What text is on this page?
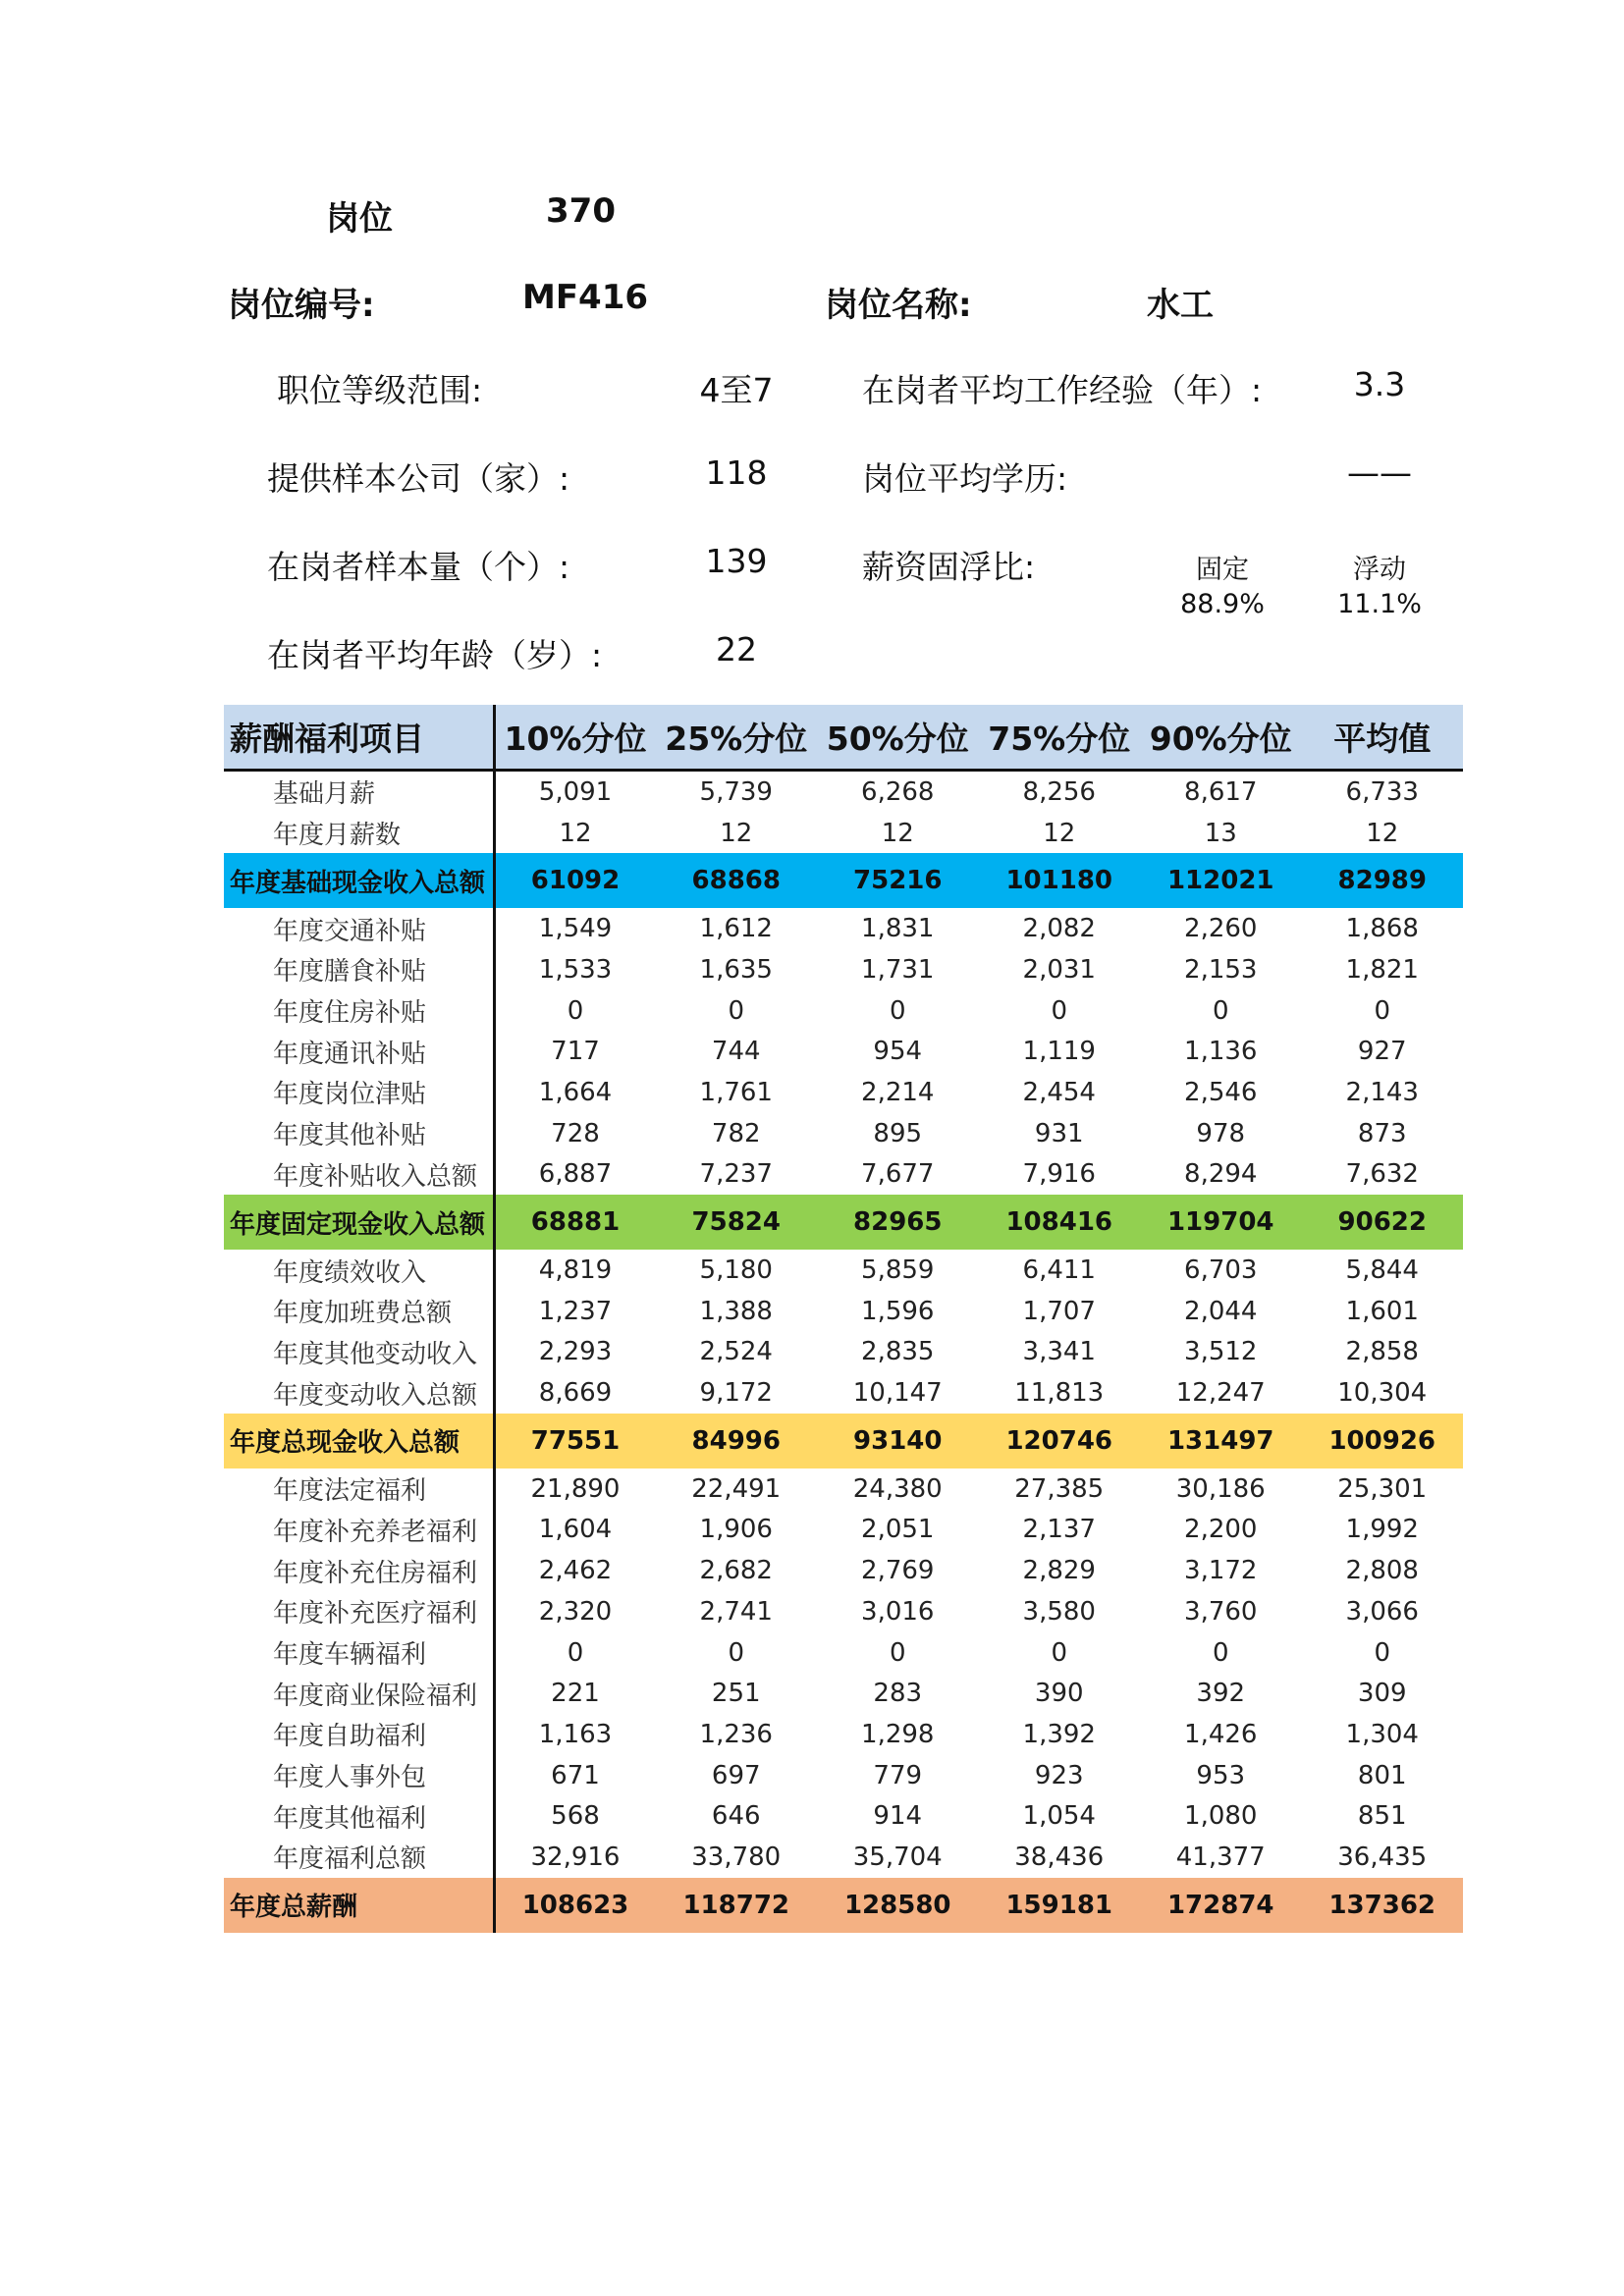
岗位	370
岗位编号:	MF416	岗位名称:	水工
职位等级范围:	4至7	在岗者平均工作经验（年）:	3.3
提供样本公司（家）:	118	岗位平均学历:	——
在岗者样本量（个）:	139	薪资固浮比:	固定	浮动
88.9%	11.1%
在岗者平均年龄（岁）:	22
薪酬福利项目	10%分位	25%分位	50%分位	75%分位	90%分位	平均值
基础月薪	5,091	5,739	6,268	8,256	8,617	6,733
年度月薪数	12	12	12	12	13	12
年度基础现金收入总额	61092	68868	75216	101180	112021	82989
年度交通补贴	1,549	1,612	1,831	2,082	2,260	1,868
年度膳食补贴	1,533	1,635	1,731	2,031	2,153	1,821
年度住房补贴	0	0	0	0	0	0
年度通讯补贴	717	744	954	1,119	1,136	927
年度岗位津贴	1,664	1,761	2,214	2,454	2,546	2,143
年度其他补贴	728	782	895	931	978	873
年度补贴收入总额	6,887	7,237	7,677	7,916	8,294	7,632
年度固定现金收入总额	68881	75824	82965	108416	119704	90622
年度绩效收入	4,819	5,180	5,859	6,411	6,703	5,844
年度加班费总额	1,237	1,388	1,596	1,707	2,044	1,601
年度其他变动收入	2,293	2,524	2,835	3,341	3,512	2,858
年度变动收入总额	8,669	9,172	10,147	11,813	12,247	10,304
年度总现金收入总额	77551	84996	93140	120746	131497	100926
年度法定福利	21,890	22,491	24,380	27,385	30,186	25,301
年度补充养老福利	1,604	1,906	2,051	2,137	2,200	1,992
年度补充住房福利	2,462	2,682	2,769	2,829	3,172	2,808
年度补充医疗福利	2,320	2,741	3,016	3,580	3,760	3,066
年度车辆福利	0	0	0	0	0	0
年度商业保险福利	221	251	283	390	392	309
年度自助福利	1,163	1,236	1,298	1,392	1,426	1,304
年度人事外包	671	697	779	923	953	801
年度其他福利	568	646	914	1,054	1,080	851
年度福利总额	32,916	33,780	35,704	38,436	41,377	36,435
年度总薪酬	108623	118772	128580	159181	172874	137362
